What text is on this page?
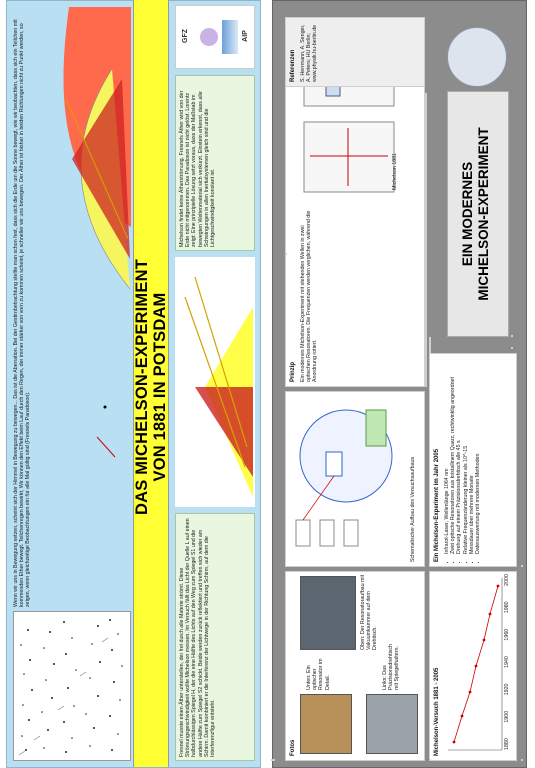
Wenn wir uns in Bewegung setzen, scheint sich der Himmel in Bewegung zu bewegen... Das ist die Aberration. Bei der Gestirnbetrachtung stellte man schon fest, dass sich die Erde um die Sonne bewegt, wie wir beobachten, dass sich ein Teilchen mit kommenden Ether bewegt. Teilchenregen bewirkt, Wir können den Effekt beim Lauf durch den Regen, der immer stärker von vorn zu kommen scheint, je schneller wir uns bewegen. Der Äther ist bisher in beiden Richtungen nicht zu Punkt werden, so zeigen, wenn gleichzeitige Beobachtungen ein für alle Mal gültig sind (Fresnels Paradoxon).	DAS MICHELSON-EXPERIMENT VON 1881 IN POTSDAM
Fresnel musste einen Äther unterstellen, der frei durch alle Materie strömt. Diese Strömungsgeschwindigkeit wollte Michelson messen. Im Versuch fällt das Licht der Quelle L auf einen halbdurchlässigen Spiegel H, der die eine Hälfte des Lichts auf den Weg zum Spiegel S1 und die andere Hälfte zum Spiegel S2 schickt. Beide werden zurück reflektiert und treffen sich wieder am Schirm. Damit kombiniert er die Interferenz der Lichtwege in der Richtung Schirm, auf dem die Interferenzfigur entsteht.
Michelson findet keine Ätherströmung. Fresnels Äther wird von der Erde nicht mitgenommen. Das Paradoxon ist nicht gelöst. Lorentz zeigt: Eine prinzipielle Lösung setzt voraus, dass der Maßstab im bewegten Weltenmaterial sich verkürzt. Einstein erkennt, dass alle Schwingungen in allen Inertialsystemen gleich sind und die Lichtgeschwindigkeit konstant ist.
GFZ	AIP
EIN MODERNES MICHELSON-EXPERIMENT
Prinzip Ein modernes Michelson-Experiment mit stehenden Wellen in zwei optischen Resonatoren. Die Frequenzen werden verglichen, während die Anordnung rotiert.
Michelson 1881
Schematischer Aufbau des Versuchsaufbaus
Fotos
Oben: Der Resonatoraufbau mit Vakuumkammer auf dem Drehtisch.
Links: Das Präzisionsdrehtisch mit Spiegelhaltern.
Unten: Ein optischer Resonator im Detail.
Ein Michelson-Experiment im Jahr 2005 • Infrarot-Laser, Wellenlänge 1064 nm • Zwei optische Resonatoren aus kristallinem Quarz, rechtwinklig angeordnet • Drehung auf einem Präzisionsdrehtisch alle 45 s • Relative Frequenzänderung kleiner als 10^-15 • Messdauer über mehrere Monate • Datenauswertung mit modernen Methoden
Michelson-Versuch 1881 - 2005	1880
1900
1920
1940
1960
1980
2000
Referenzen S. Herrmann, A. Senger, A. Peters; HU Berlin; www.physik.hu-berlin.de
